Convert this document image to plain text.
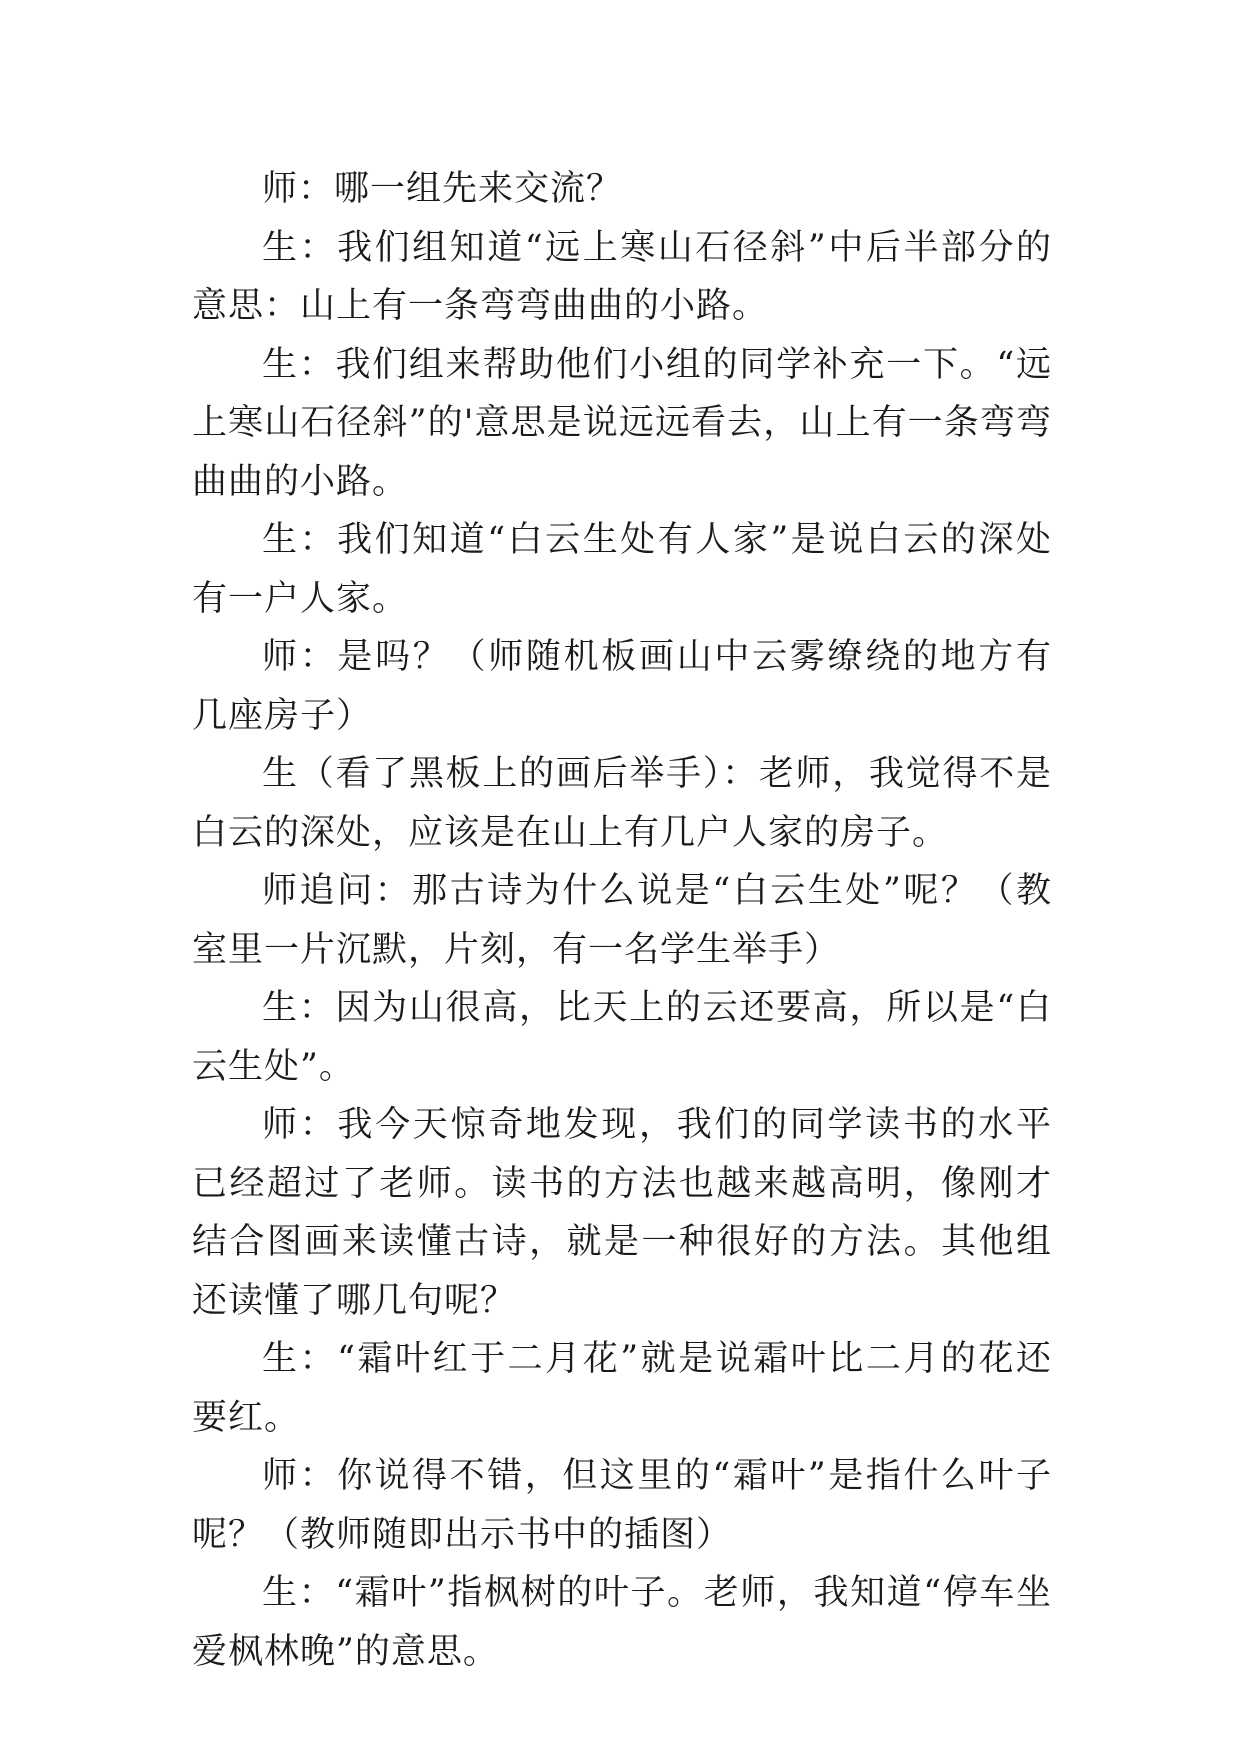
师：哪一组先来交流？

生：我们组知道“远上寒山石径斜”中后半部分的意思：山上有一条弯弯曲曲的小路。

生：我们组来帮助他们小组的同学补充一下。“远上寒山石径斜”的'意思是说远远看去，山上有一条弯弯曲曲的小路。

生：我们知道“白云生处有人家”是说白云的深处有一户人家。

师：是吗？（师随机板画山中云雾缭绕的地方有几座房子）

生（看了黑板上的画后举手）：老师，我觉得不是白云的深处，应该是在山上有几户人家的房子。

师追问：那古诗为什么说是“白云生处”呢？（教室里一片沉默，片刻，有一名学生举手）

生：因为山很高，比天上的云还要高，所以是“白云生处”。

师：我今天惊奇地发现，我们的同学读书的水平已经超过了老师。读书的方法也越来越高明，像刚才结合图画来读懂古诗，就是一种很好的方法。其他组还读懂了哪几句呢？

生：“霜叶红于二月花”就是说霜叶比二月的花还要红。

师：你说得不错，但这里的“霜叶”是指什么叶子呢？（教师随即出示书中的插图）

生：“霜叶”指枫树的叶子。老师，我知道“停车坐爱枫林晚”的意思。
